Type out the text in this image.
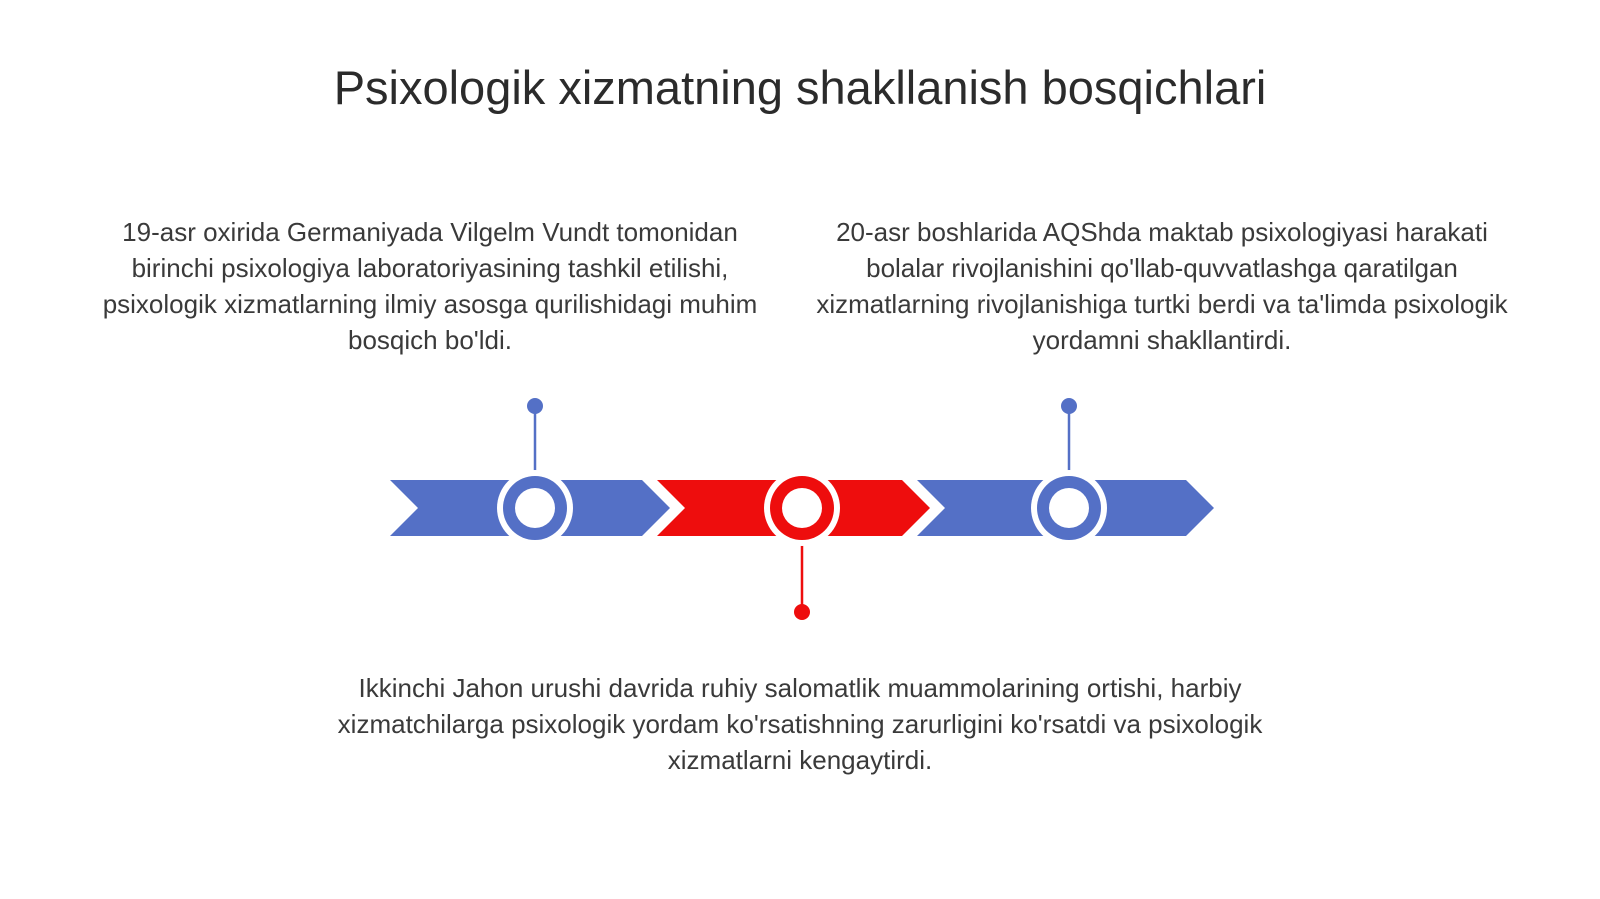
Psixologik xizmatning shakllanish bosqichlari

19-asr oxirida Germaniyada Vilgelm Vundt tomonidan birinchi psixologiya laboratoriyasining tashkil etilishi, psixologik xizmatlarning ilmiy asosga qurilishidagi muhim bosqich bo'ldi.

20-asr boshlarida AQShda maktab psixologiyasi harakati bolalar rivojlanishini qo'llab-quvvatlashga qaratilgan xizmatlarning rivojlanishiga turtki berdi va ta'limda psixologik yordamni shakllantirdi.

Ikkinchi Jahon urushi davrida ruhiy salomatlik muammolarining ortishi, harbiy xizmatchilarga psixologik yordam ko'rsatishning zarurligini ko'rsatdi va psixologik xizmatlarni kengaytirdi.
